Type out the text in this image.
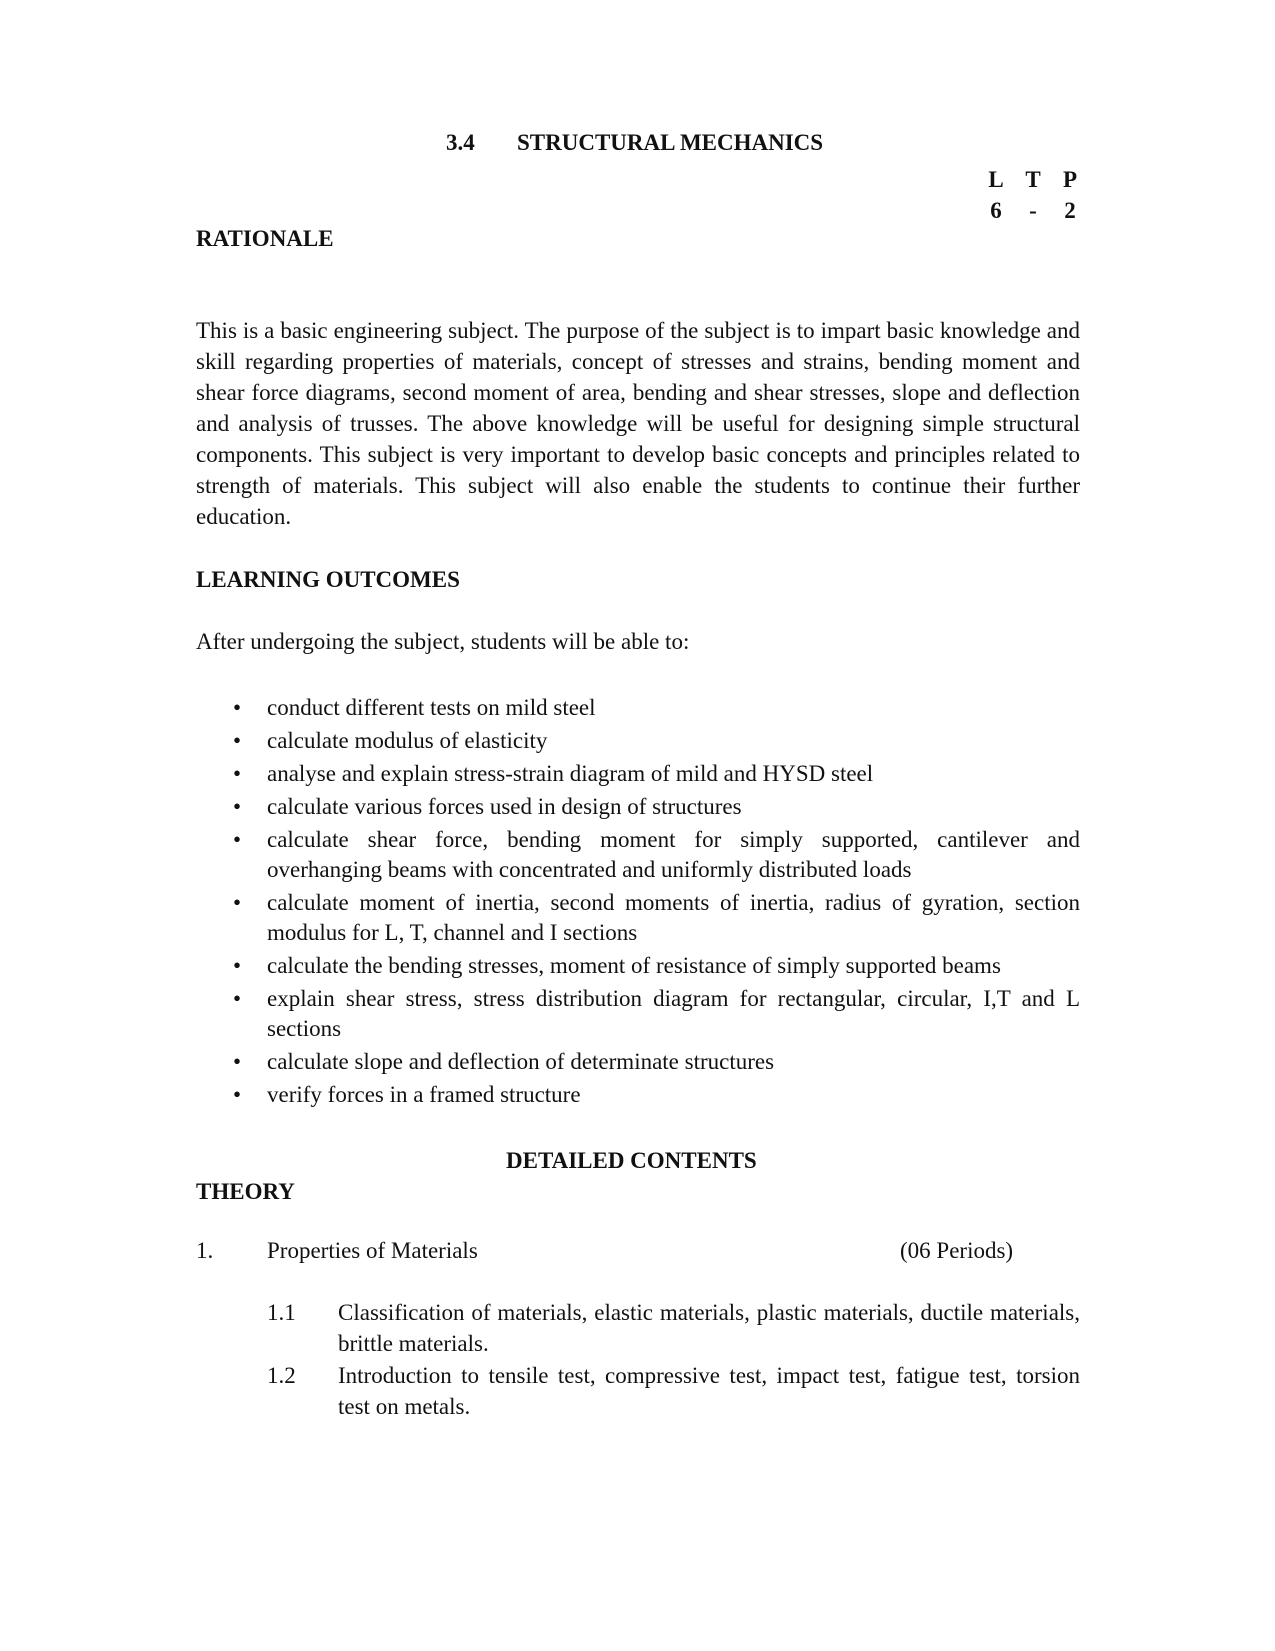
3.4 STRUCTURAL MECHANICS
L T P
6	-	2
RATIONALE
This is a basic engineering subject. The purpose of the subject is to impart basic knowledge and skill regarding properties of materials, concept of stresses and strains, bending moment and shear force diagrams, second moment of area, bending and shear stresses, slope and deflection and analysis of trusses. The above knowledge will be useful for designing simple structural components. This subject is very important to develop basic concepts and principles related to strength of materials. This subject will also enable the students to continue their further education.
LEARNING OUTCOMES
After undergoing the subject, students will be able to:
• conduct different tests on mild steel
• calculate modulus of elasticity
• analyse and explain stress-strain diagram of mild and HYSD steel
• calculate various forces used in design of structures
• calculate shear force, bending moment for simply supported, cantilever and overhanging beams with concentrated and uniformly distributed loads
• calculate moment of inertia, second moments of inertia, radius of gyration, section modulus for L, T, channel and I sections
• calculate the bending stresses, moment of resistance of simply supported beams
• explain shear stress, stress distribution diagram for rectangular, circular, I,T and L sections
• calculate slope and deflection of determinate structures
• verify forces in a framed structure
DETAILED CONTENTS
THEORY
1. Properties of Materials	(06 Periods)
1.1 Classification of materials, elastic materials, plastic materials, ductile materials, brittle materials.
1.2 Introduction to tensile test, compressive test, impact test, fatigue test, torsion test on metals.
